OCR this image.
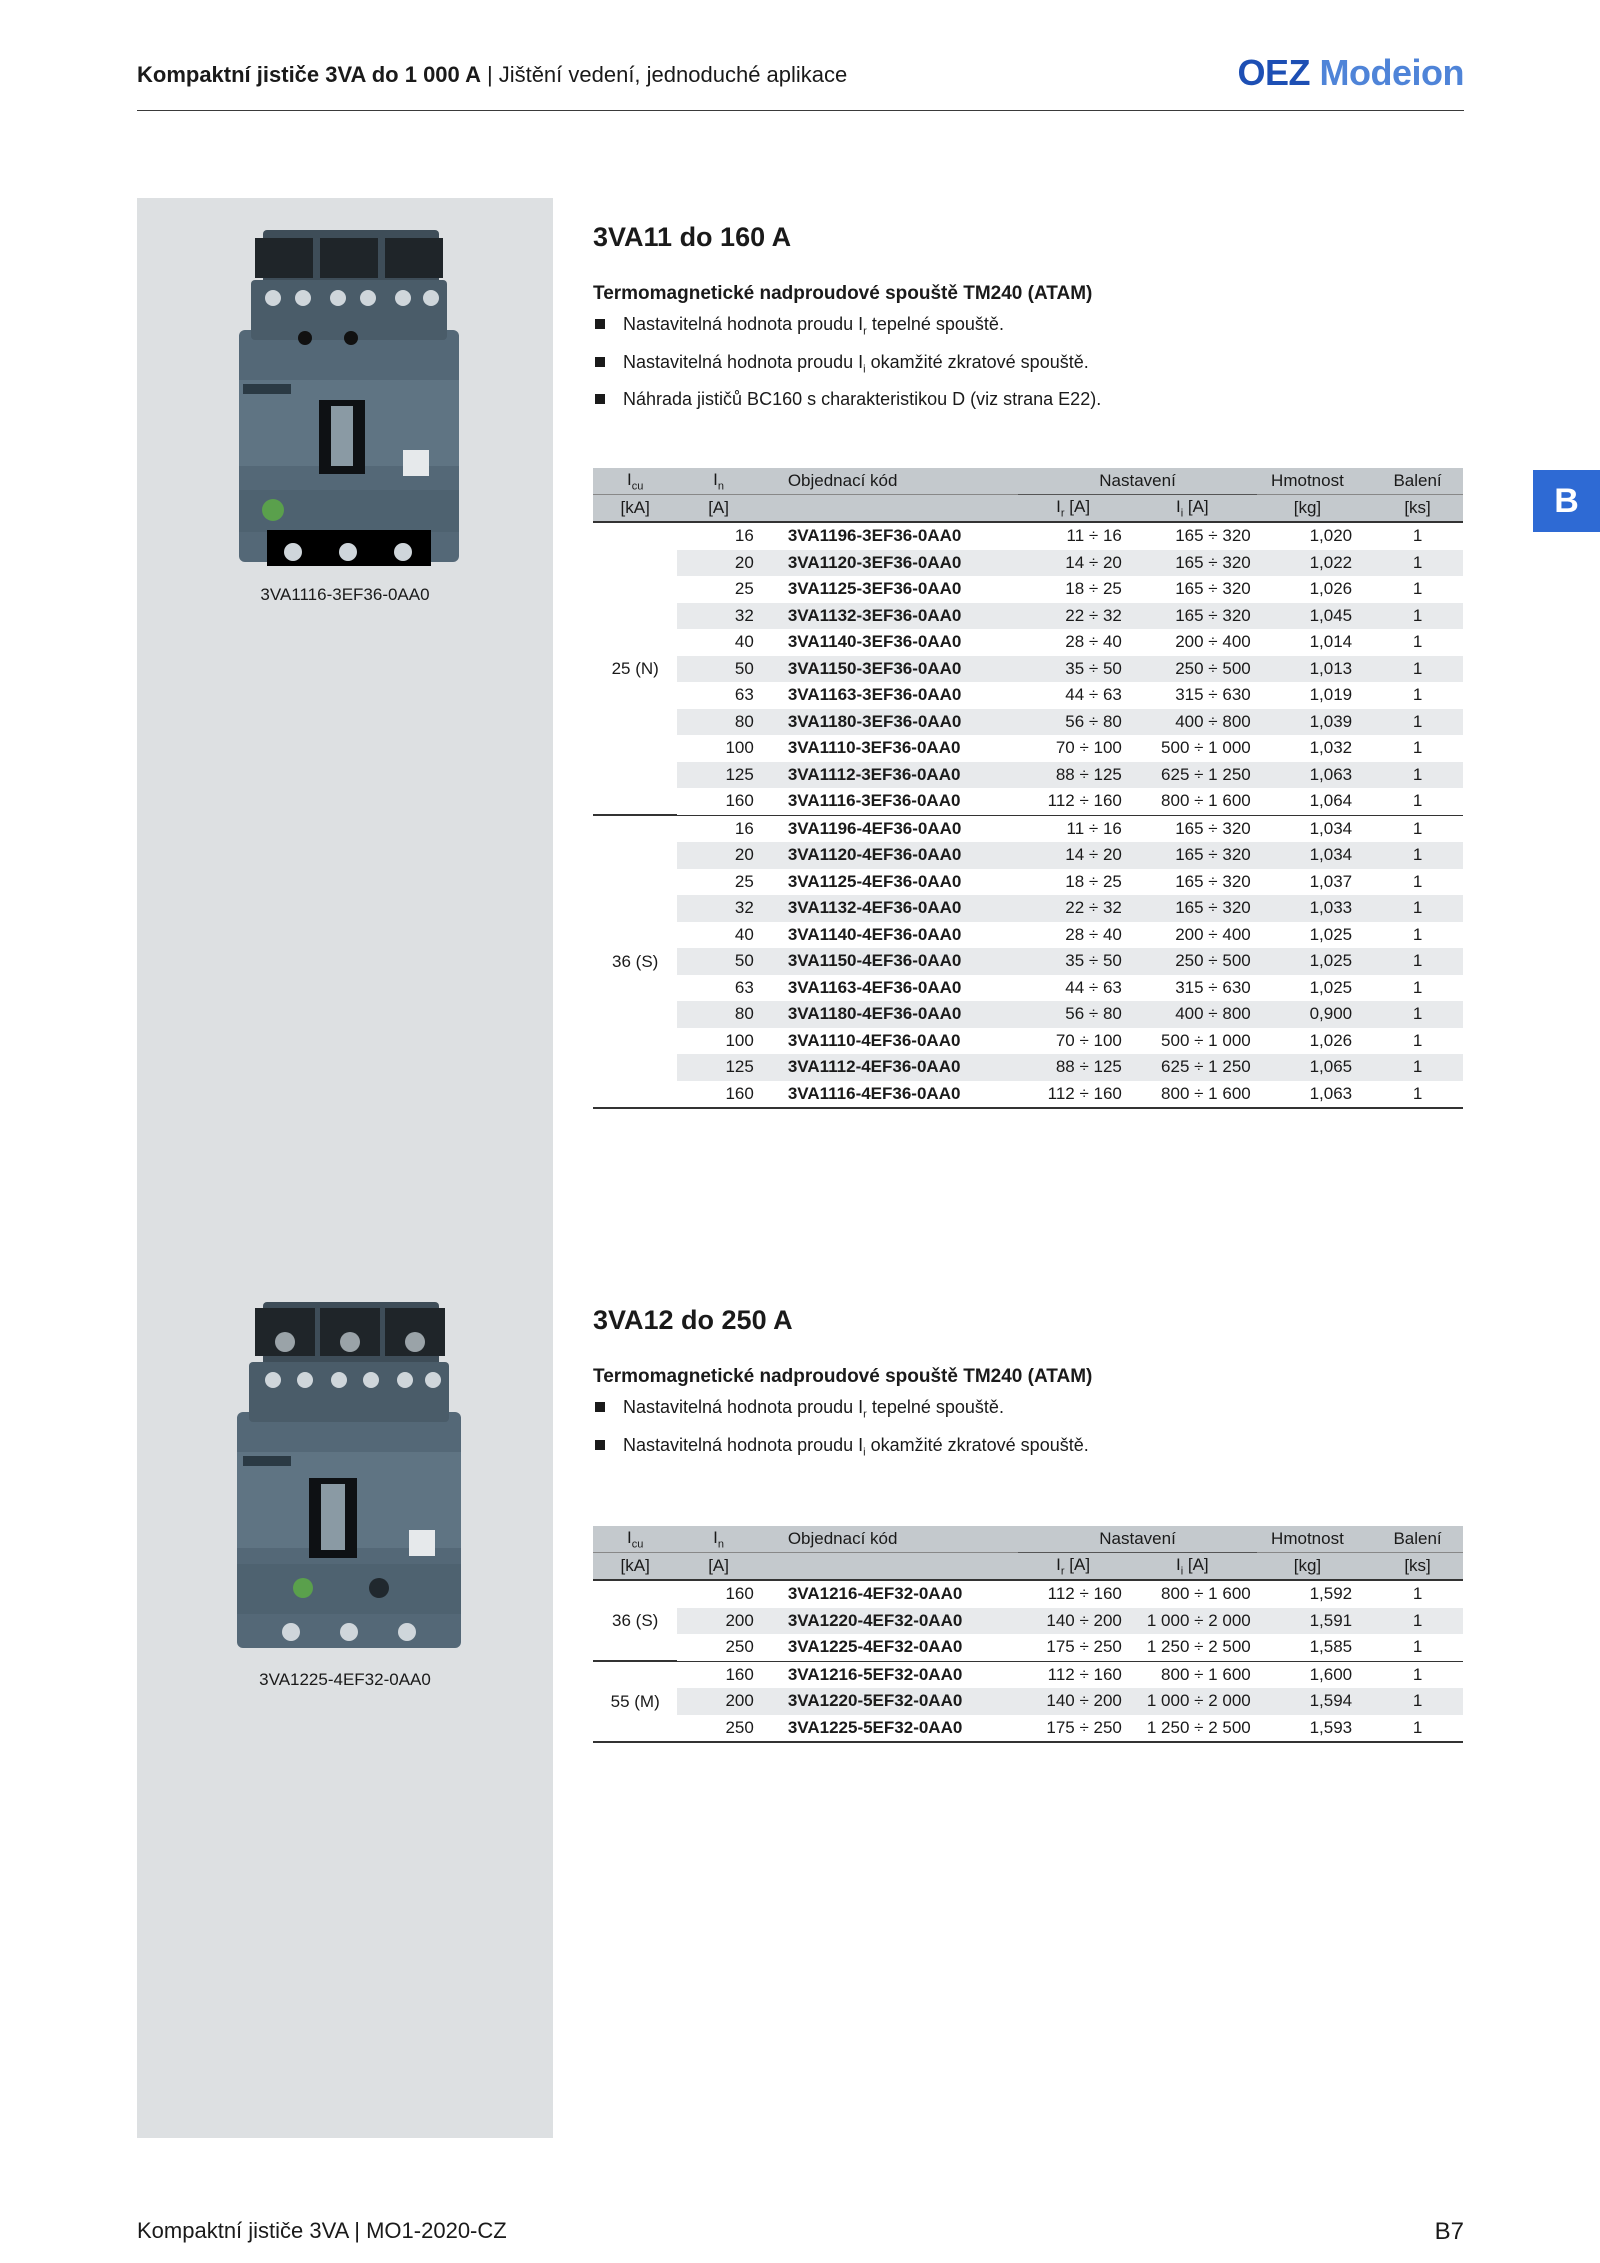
Kompaktní jističe 3VA do 1 000 A | Jištění vedení, jednoduché aplikace	OEZ Modeion
B
3VA1116-3EF36-0AA0
3VA1225-4EF32-0AA0
3VA11 do 160 A
Termomagnetické nadproudové spouště TM240 (ATAM)
Nastavitelná hodnota proudu $I_r$ tepelné spouště.
Nastavitelná hodnota proudu $I_i$ okamžité zkratové spouště.
Náhrada jističů BC160 s charakteristikou D (viz strana E22).
$I_{cu}$	$I_n$	Objednací kód	Nastavení		Hmotnost	Balení
[kA]	[A]		$I_r$ [A]	$I_i$ [A]	[kg]	[ks]
25 (N)	16	3VA1196-3EF36-0AA0	11 ÷ 16	165 ÷ 320	1,020	1
	20	3VA1120-3EF36-0AA0	14 ÷ 20	165 ÷ 320	1,022	1
	25	3VA1125-3EF36-0AA0	18 ÷ 25	165 ÷ 320	1,026	1
	32	3VA1132-3EF36-0AA0	22 ÷ 32	165 ÷ 320	1,045	1
	40	3VA1140-3EF36-0AA0	28 ÷ 40	200 ÷ 400	1,014	1
	50	3VA1150-3EF36-0AA0	35 ÷ 50	250 ÷ 500	1,013	1
	63	3VA1163-3EF36-0AA0	44 ÷ 63	315 ÷ 630	1,019	1
	80	3VA1180-3EF36-0AA0	56 ÷ 80	400 ÷ 800	1,039	1
	100	3VA1110-3EF36-0AA0	70 ÷ 100	500 ÷ 1 000	1,032	1
	125	3VA1112-3EF36-0AA0	88 ÷ 125	625 ÷ 1 250	1,063	1
	160	3VA1116-3EF36-0AA0	112 ÷ 160	800 ÷ 1 600	1,064	1
36 (S)	16	3VA1196-4EF36-0AA0	11 ÷ 16	165 ÷ 320	1,034	1
	20	3VA1120-4EF36-0AA0	14 ÷ 20	165 ÷ 320	1,034	1
	25	3VA1125-4EF36-0AA0	18 ÷ 25	165 ÷ 320	1,037	1
	32	3VA1132-4EF36-0AA0	22 ÷ 32	165 ÷ 320	1,033	1
	40	3VA1140-4EF36-0AA0	28 ÷ 40	200 ÷ 400	1,025	1
	50	3VA1150-4EF36-0AA0	35 ÷ 50	250 ÷ 500	1,025	1
	63	3VA1163-4EF36-0AA0	44 ÷ 63	315 ÷ 630	1,025	1
	80	3VA1180-4EF36-0AA0	56 ÷ 80	400 ÷ 800	0,900	1
	100	3VA1110-4EF36-0AA0	70 ÷ 100	500 ÷ 1 000	1,026	1
	125	3VA1112-4EF36-0AA0	88 ÷ 125	625 ÷ 1 250	1,065	1
	160	3VA1116-4EF36-0AA0	112 ÷ 160	800 ÷ 1 600	1,063	1
3VA12 do 250 A
Termomagnetické nadproudové spouště TM240 (ATAM)
Nastavitelná hodnota proudu $I_r$ tepelné spouště.
Nastavitelná hodnota proudu $I_i$ okamžité zkratové spouště.
$I_{cu}$	$I_n$	Objednací kód	Nastavení		Hmotnost	Balení
[kA]	[A]		$I_r$ [A]	$I_i$ [A]	[kg]	[ks]
36 (S)	160	3VA1216-4EF32-0AA0	112 ÷ 160	800 ÷ 1 600	1,592	1
	200	3VA1220-4EF32-0AA0	140 ÷ 200	1 000 ÷ 2 000	1,591	1
	250	3VA1225-4EF32-0AA0	175 ÷ 250	1 250 ÷ 2 500	1,585	1
55 (M)	160	3VA1216-5EF32-0AA0	112 ÷ 160	800 ÷ 1 600	1,600	1
	200	3VA1220-5EF32-0AA0	140 ÷ 200	1 000 ÷ 2 000	1,594	1
	250	3VA1225-5EF32-0AA0	175 ÷ 250	1 250 ÷ 2 500	1,593	1
Kompaktní jističe 3VA | MO1-2020-CZ	B7
